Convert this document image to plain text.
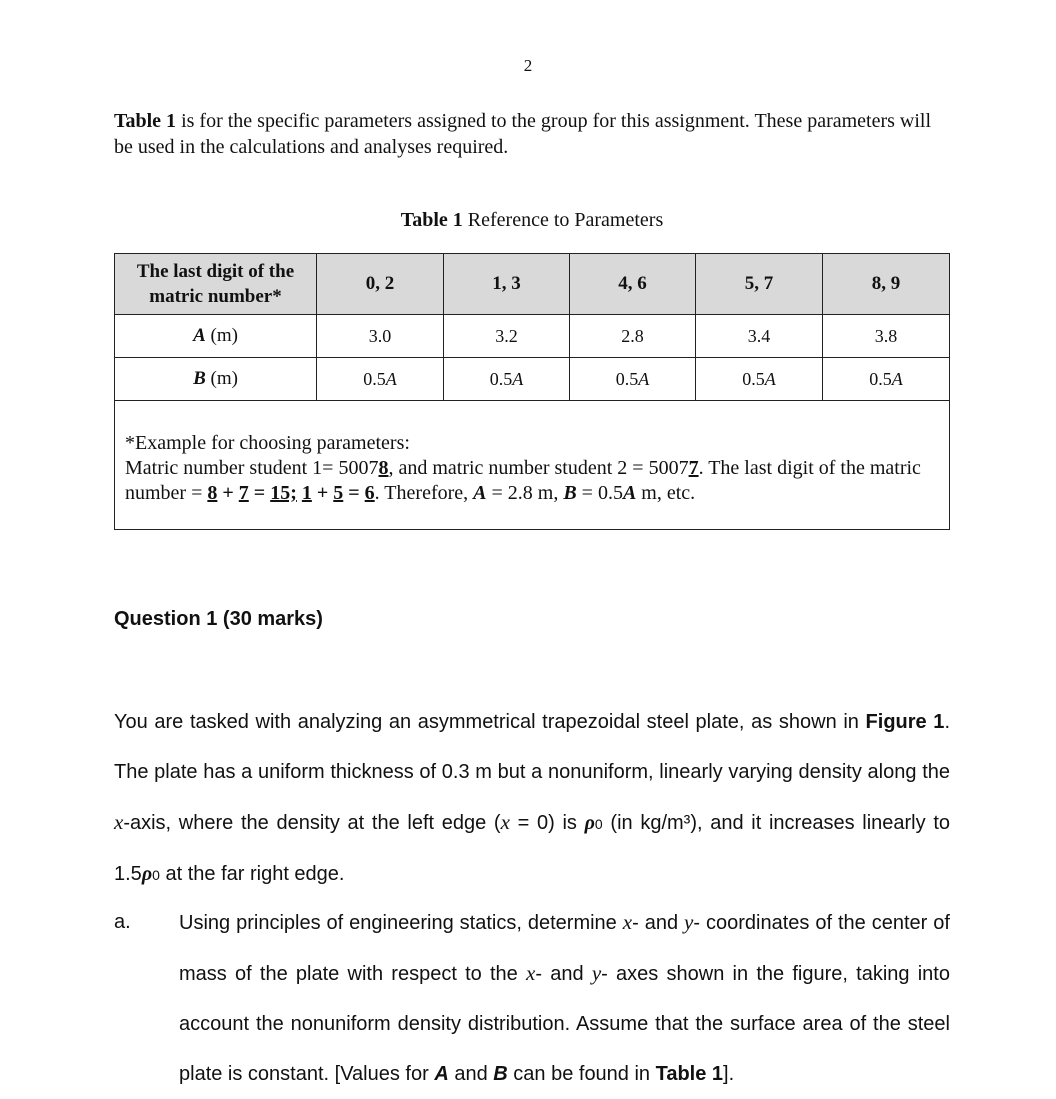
2
Table 1 is for the specific parameters assigned to the group for this assignment. These parameters will be used in the calculations and analyses required.
Table 1 Reference to Parameters
The last digit of the matric number*	0, 2	1, 3	4, 6	5, 7	8, 9
A (m)	3.0	3.2	2.8	3.4	3.8
B (m)	0.5A	0.5A	0.5A	0.5A	0.5A

*Example for choosing parameters:
Matric number student 1= 50078, and matric number student 2 = 50077. The last digit of the matric number = 8 + 7 = 15; 1 + 5 = 6. Therefore, A = 2.8 m, B = 0.5A m, etc.					
Question 1 (30 marks)
You are tasked with analyzing an asymmetrical trapezoidal steel plate, as shown in Figure 1. The plate has a uniform thickness of 0.3 m but a nonuniform, linearly varying density along the x-axis, where the density at the left edge (x = 0) is ρ0 (in kg/m³), and it increases linearly to 1.5ρ0 at the far right edge.
a. Using principles of engineering statics, determine x- and y- coordinates of the center of mass of the plate with respect to the x- and y- axes shown in the figure, taking into account the nonuniform density distribution. Assume that the surface area of the steel plate is constant. [Values for A and B can be found in Table 1].
